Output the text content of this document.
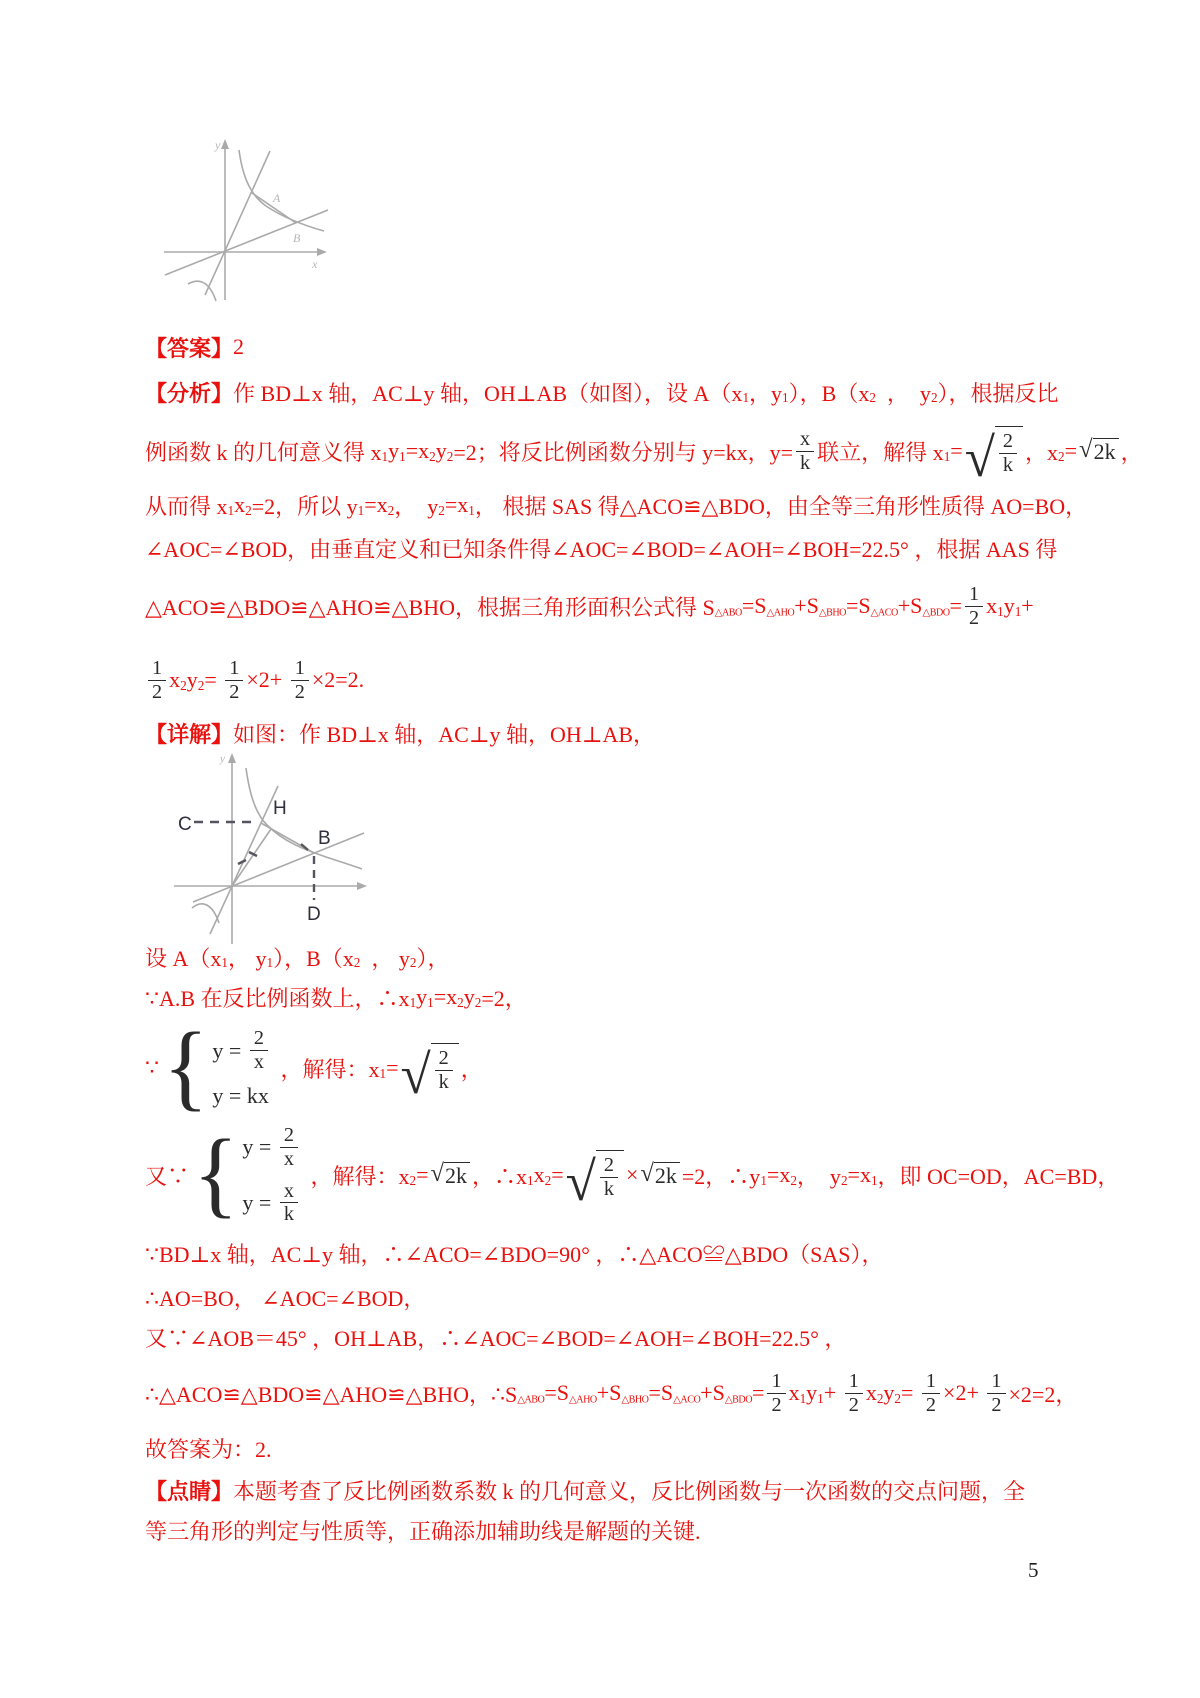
y
x
A
B
【答案】 2
【分析】 作 BD⊥x 轴，AC⊥y 轴，OH⊥AB（如图），设 $A(x_1$ ，$y_1$ ），$B(x_2$ ，  $y_2$ ），根据反比
例函数 k 的几何意义得 $x_1$ $y_1 =x_2$ $y_2 =2$；将反比例函数分别与 y=kx，$y= \frac{x}{k}$ 联立，解得 $x_1$ = √ $\frac{2}{k}$ ，$x_2$ = √ 2k ，
从而得 $x_1$ $x_2 =2$，所以 $y_1 =x_2$ ，  $y_2 =x_1$ ， 根据 SAS 得△ACO≌△BDO，由全等三角形性质得 AO=BO，
∠AOC=∠BOD，由垂直定义和已知条件得∠AOC=∠BOD=∠AOH=∠BOH=22.5° ，根据 AAS 得
△ACO≌△BDO≌△AHO≌△BHO，根据三角形面积公式得 $S_{\triangle ABO} =S_{\triangle AHO} +S_{\triangle BHO} =S_{\triangle ACO} +S_{\triangle BDO} = \frac{1}{2} x_1$ $y_1$ +
$\frac{1}{2} x_2$ $y_2 = \frac{1}{2} \times 2+ \frac{1}{2} \times 2=2$.
【详解】 如图：作 BD⊥x 轴，AC⊥y 轴，OH⊥AB，
C
H
B
D
y
设 $A(x_1$ ， $y_1$ ），$B(x_2$ ， $y_2$ ），
∵A.B 在反比例函数上，$\therefore x_1$ $y_1 =x_2$ $y_2 =2$，
∵ { $y = \frac{2}{x}$
y = kx
，解得：$x_1$ = √ $\frac{2}{k}$ ，
又∵ { $y = \frac{2}{x}$
$y = \frac{x}{k}$
，解得：$x_2$ = √ 2k ，$\therefore x_1$ $x_2$ = √ $\frac{2}{k}$ × √ 2k =2，$\therefore y_1 =x_2$ ，  $y_2 =x_1$ ，即 OC=OD，AC=BD，
∵BD⊥x 轴，AC⊥y 轴，∴∠ACO=∠BDO=90° ，∴△ACO≌△BDO（SAS），
∴AO=BO， ∠AOC=∠BOD，
又∵∠AOB＝45° ，OH⊥AB，∴∠AOC=∠BOD=∠AOH=∠BOH=22.5° ，
∴△ACO≌△BDO≌△AHO≌△BHO，$\therefore S_{\triangle ABO} =S_{\triangle AHO} +S_{\triangle BHO} =S_{\triangle ACO} +S_{\triangle BDO} = \frac{1}{2} x_1$ $y_1 + \frac{1}{2} x_2$ $y_2 = \frac{1}{2} \times 2+ \frac{1}{2} \times 2=2$，
故答案为：2.
【点睛】 本题考查了反比例函数系数 k 的几何意义，反比例函数与一次函数的交点问题，全
等三角形的判定与性质等，正确添加辅助线是解题的关键.
5
